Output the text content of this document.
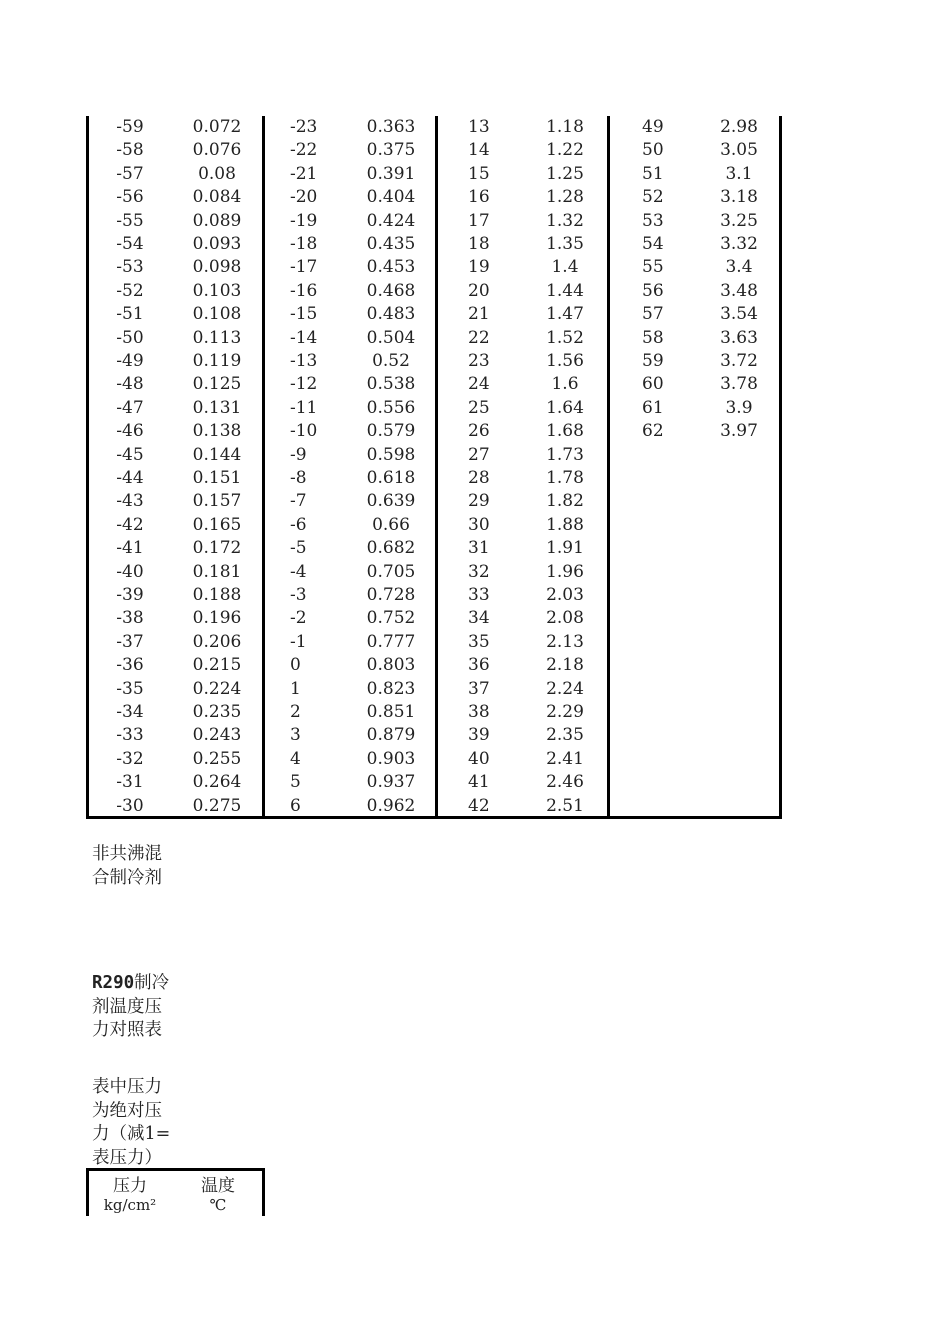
-59	0.072
-58	0.076
-57	0.08
-56	0.084
-55	0.089
-54	0.093
-53	0.098
-52	0.103
-51	0.108
-50	0.113
-49	0.119
-48	0.125
-47	0.131
-46	0.138
-45	0.144
-44	0.151
-43	0.157
-42	0.165
-41	0.172
-40	0.181
-39	0.188
-38	0.196
-37	0.206
-36	0.215
-35	0.224
-34	0.235
-33	0.243
-32	0.255
-31	0.264
-30	0.275
-23	0.363
-22	0.375
-21	0.391
-20	0.404
-19	0.424
-18	0.435
-17	0.453
-16	0.468
-15	0.483
-14	0.504
-13	0.52
-12	0.538
-11	0.556
-10	0.579
-9	0.598
-8	0.618
-7	0.639
-6	0.66
-5	0.682
-4	0.705
-3	0.728
-2	0.752
-1	0.777
0	0.803
1	0.823
2	0.851
3	0.879
4	0.903
5	0.937
6	0.962
13	1.18
14	1.22
15	1.25
16	1.28
17	1.32
18	1.35
19	1.4
20	1.44
21	1.47
22	1.52
23	1.56
24	1.6
25	1.64
26	1.68
27	1.73
28	1.78
29	1.82
30	1.88
31	1.91
32	1.96
33	2.03
34	2.08
35	2.13
36	2.18
37	2.24
38	2.29
39	2.35
40	2.41
41	2.46
42	2.51
49	2.98
50	3.05
51	3.1
52	3.18
53	3.25
54	3.32
55	3.4
56	3.48
57	3.54
58	3.63
59	3.72
60	3.78
61	3.9
62	3.97
非共沸混
合制冷剂
R290制冷
剂温度压
力对照表
表中压力
为绝对压
力（减1=
表压力）
压力	温度
kg/cm²	℃
